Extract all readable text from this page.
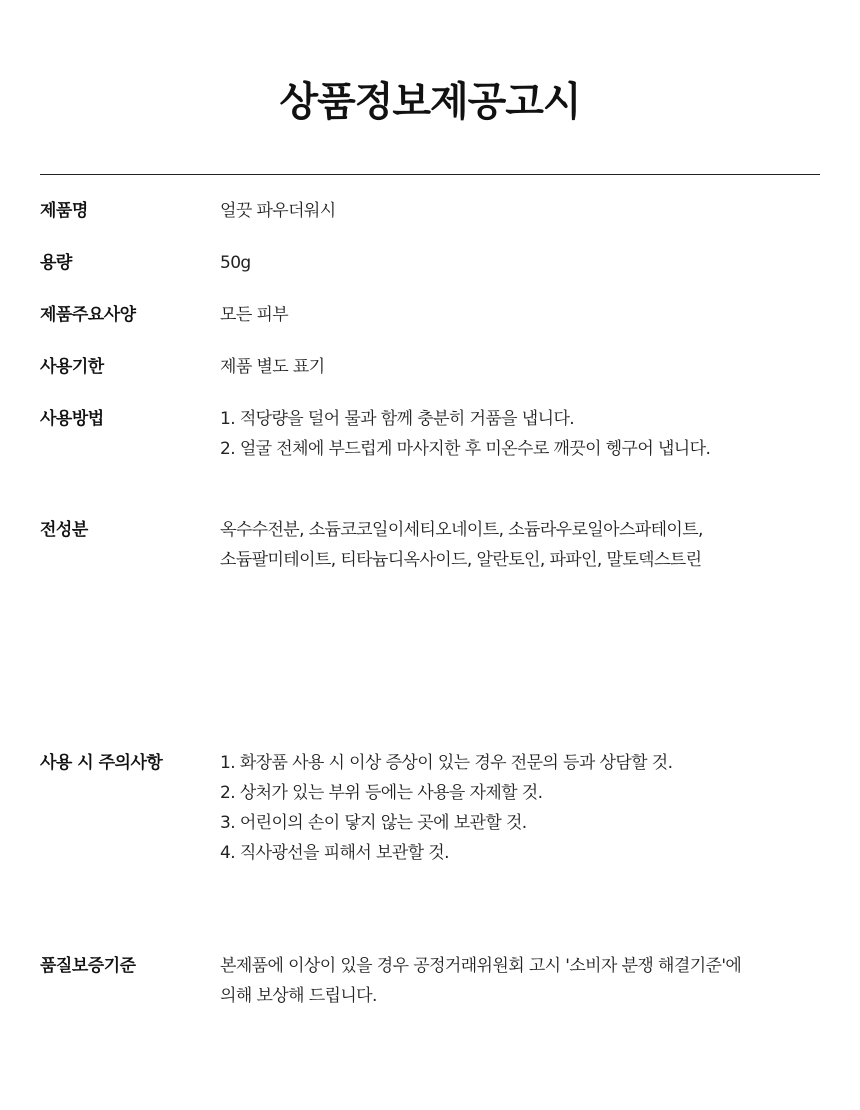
상품정보제공고시
제품명	얼끗 파우더워시
용량	50g
제품주요사양	모든 피부
사용기한	제품 별도 표기
사용방법	1. 적당량을 덜어 물과 함께 충분히 거품을 냅니다.
2. 얼굴 전체에 부드럽게 마사지한 후 미온수로 깨끗이 헹구어 냅니다.
전성분	옥수수전분, 소듐코코일이세티오네이트, 소듐라우로일아스파테이트,
소듐팔미테이트, 티타늄디옥사이드, 알란토인, 파파인, 말토덱스트린
사용 시 주의사항	1. 화장품 사용 시 이상 증상이 있는 경우 전문의 등과 상담할 것.
2. 상처가 있는 부위 등에는 사용을 자제할 것.
3. 어린이의 손이 닿지 않는 곳에 보관할 것.
4. 직사광선을 피해서 보관할 것.
품질보증기준	본제품에 이상이 있을 경우 공정거래위원회 고시 '소비자 분쟁 해결기준'에
의해 보상해 드립니다.
